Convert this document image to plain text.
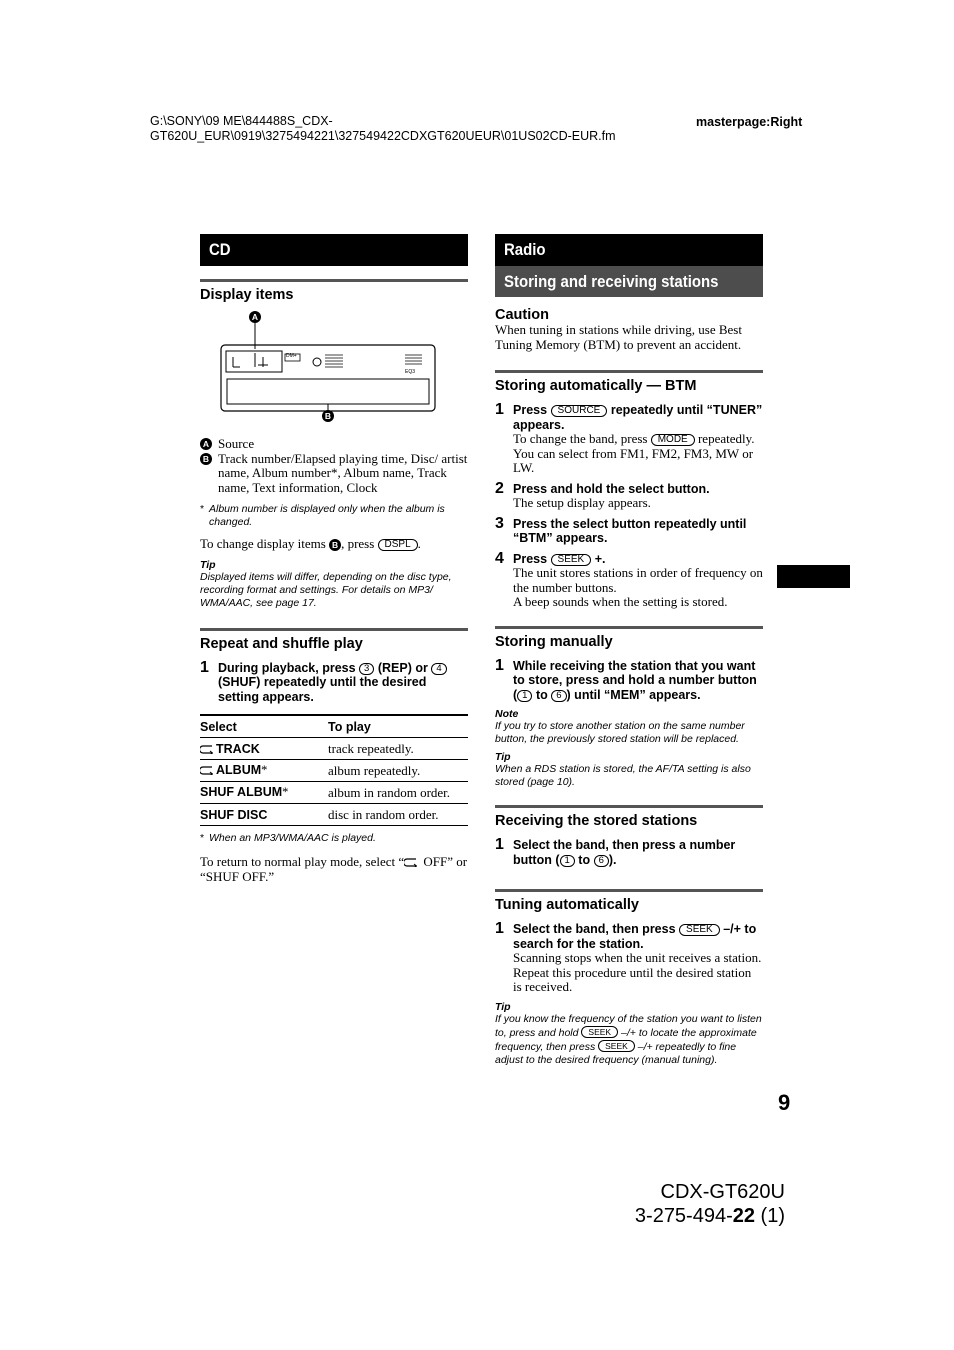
G:\SONY\09 ME\844488S_CDX-
GT620U_EUR\0919\3275494221\327549422CDXGT620UEUR\01US02CD-EUR.fm
masterpage:Right
CD
Display items
A
B
DM+
EQ3
A Source
B Track number/Elapsed playing time, Disc/ artist name, Album number*, Album name, Track name, Text information, Clock
* Album number is displayed only when the album is changed.
To change display items B , press DSPL .
Tip
Displayed items will differ, depending on the disc type, recording format and settings. For details on MP3/ WMA/AAC, see page 17.
Repeat and shuffle play
1 During playback, press 3 (REP) or 4 (SHUF) repeatedly until the desired setting appears.
Select	To play
TRACK	track repeatedly.
ALBUM*	album repeatedly.
SHUF ALBUM*	album in random order.
SHUF DISC	disc in random order.
* When an MP3/WMA/AAC is played.
To return to normal play mode, select “ OFF” or “SHUF OFF.”
Radio
Storing and receiving stations
Caution
When tuning in stations while driving, use Best Tuning Memory (BTM) to prevent an accident.
Storing automatically — BTM
1 Press SOURCE repeatedly until “TUNER” appears.
To change the band, press MODE repeatedly. You can select from FM1, FM2, FM3, MW or LW.
2 Press and hold the select button.
The setup display appears.
3 Press the select button repeatedly until “BTM” appears.
4 Press SEEK +.
The unit stores stations in order of frequency on the number buttons.
A beep sounds when the setting is stored.
Storing manually
1 While receiving the station that you want to store, press and hold a number button ( 1 to 6 ) until “MEM” appears.
Note
If you try to store another station on the same number button, the previously stored station will be replaced.
Tip
When a RDS station is stored, the AF/TA setting is also stored (page 10).
Receiving the stored stations
1 Select the band, then press a number button ( 1 to 6 ).
Tuning automatically
1 Select the band, then press SEEK –/+ to search for the station.
Scanning stops when the unit receives a station. Repeat this procedure until the desired station is received.
Tip
If you know the frequency of the station you want to listen to, press and hold SEEK –/+ to locate the approximate frequency, then press SEEK –/+ repeatedly to fine adjust to the desired frequency (manual tuning).
9
CDX-GT620U
3-275-494-22 (1)
